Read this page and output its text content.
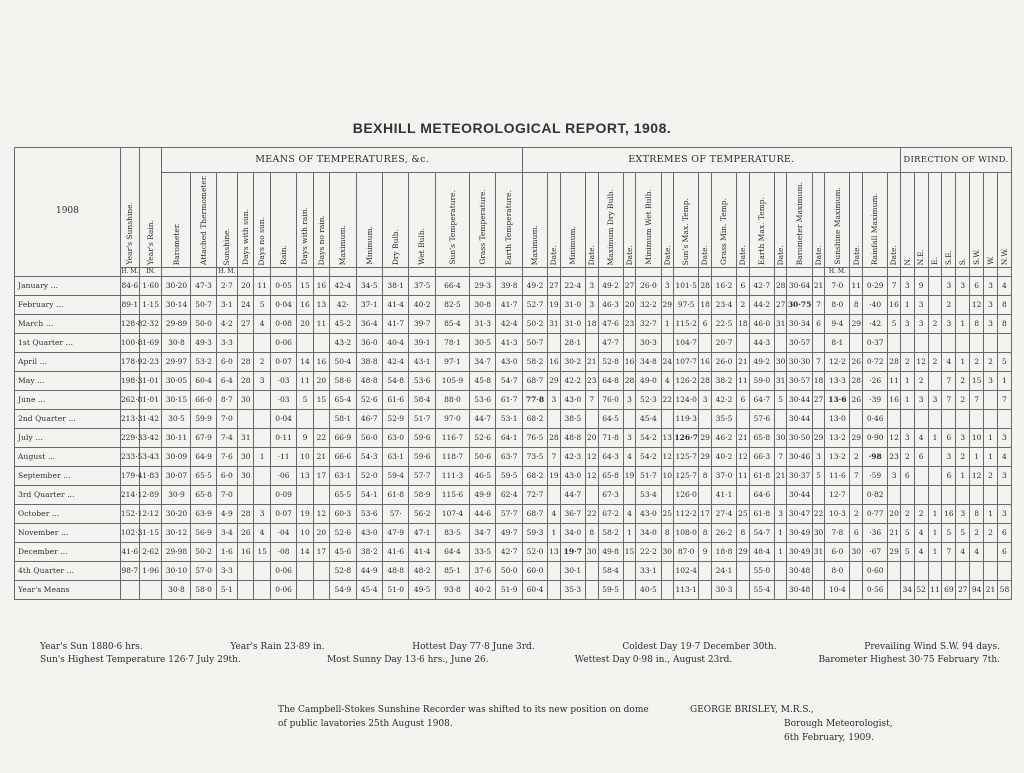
BEXHILL METEOROLOGICAL REPORT, 1908.
1908	Year's Sunshine.	Year's Rain.	MEANS OF TEMPERATURES, &c.															EXTREMES OF TEMPERATURE.																				DIRECTION OF WIND.							
			Barometer.	Attached Thermometer.	Sunshine.	Days with sun.	Days no sun.	Rain.	Days with rain.	Days no rain.	Maximum.	Minimum.	Dry Bulb.	Wet Bulb.	Sun's Temperature.	Grass Temperature.	Earth Temperature.	Maximum.	Date.	Minimum.	Date.	Maximum Dry Bulb.	Date.	Minimum Wet Bulb.	Date.	Sun's Max. Temp.	Date.	Grass Min. Temp.	Date.	Earth Max. Temp.	Date.	Barometer Maximum.	Date.	Sunshine Maximum.	Date.	Rainfall Maximum.	Date.	N.	N.E.	E.	S.E.	S.	S.W.	W.	N.W.
	H. M.	IN.			H. M.																													H. M.											
January ...	84·6	1·60	30·20	47·3	2·7	20	11	0·05	15	16	42·4	34·5	38·1	37·5	66·4	29·3	39·8	49·2	27	22·4	3	49·2	27	26·0	3	101·5	28	16·2	6	42·7	28	30·64	21	7·0	11	0·29	7	3	9		3	3	6	3	4
February ...	89·1	1·15	30·14	50·7	3·1	24	5	0·04	16	13	42·	37·1	41·4	40·2	82·5	30·8	41·7	52·7	19	31·0	3	46·3	20	32·2	29	97·5	18	23·4	2	44·2	27	30·75	7	8·0	8	·40	16	1	3		2		12	3	8
March ...	128·8	2·32	29·89	50·0	4·2	27	4	0·08	20	11	45·2	36·4	41·7	39·7	85·4	31·3	42·4	50·2	31	31·0	18	47·6	23	32·7	1	115·2	6	22·5	18	46·0	31	30·34	6	9·4	29	·42	5	3	3	2	3	1	8	3	8
1st Quarter ...	100·8	1·69	30·8	49·3	3·3			0·06			43·2	36·0	40·4	39·1	78·1	30·5	41·3	50·7		28·1		47·7		30·3		104·7		20·7		44·3		30·57		8·1		0·37									
April ...	178·9	2·23	29·97	53·2	6·0	28	2	0·07	14	16	50·4	38·8	42·4	43·1	97·1	34·7	43·0	58·2	16	30·2	21	52·8	16	34·8	24	107·7	16	26·0	21	49·2	30	30·30	7	12·2	26	0·72	28	2	12	2	4	1	2	2	5
May ...	198·3	1·01	30·05	60·4	6·4	28	3	·03	11	20	58·6	48·8	54·8	53·6	105·9	45·8	54·7	68·7	29	42·2	23	64·8	28	49·0	4	126·2	28	38·2	11	59·0	31	30·57	18	13·3	28	·26	11	1	2		7	2	15	3	1
June ...	262·8	1·01	30·15	66·0	8·7	30		·03	5	15	65·4	52·6	61·6	58·4	88·0	53·6	61·7	77·8	3	43·0	7	76·0	3	52·3	22	124·0	3	42·2	6	64·7	5	30·44	27	13·6	26	·39	16	1	3	3	7	2	7		7
2nd Quarter ...	213·3	1·42	30·5	59·9	7·0			0·04			58·1	46·7	52·9	51·7	97·0	44·7	53·1	68·2		38·5		64·5		45·4		119·3		35·5		57·6		30·44		13·0		0·46									
July ...	229·3	3·42	30·11	67·9	7·4	31		0·11	9	22	66·9	56·0	63·0	59·6	116·7	52·6	64·1	76·5	28	48·8	20	71·8	3	54·2	13	126·7	29	46·2	21	65·8	30	30·50	29	13·2	29	0·90	12	3	4	1	6	3	10	1	3
August ...	233·5	3·43	30·09	64·9	7·6	30	1	·11	10	21	66·6	54·3	63·1	59·6	118·7	50·6	63·7	73·5	7	42·3	12	64·3	4	54·2	12	125·7	29	40·2	12	66·3	7	30·46	3	13·2	2	·98	23	2	6		3	2	1	1	4
September ...	179·4	1·83	30·07	65·5	6·0	30		·06	13	17	63·1	52·0	59·4	57·7	111·3	46·5	59·5	68·2	19	43·0	12	65·8	19	51·7	10	125·7	8	37·0	11	61·8	21	30·37	5	11·6	7	·59	3	6			6	1	12	2	3
3rd Quarter ...	214·1	2·89	30·9	65·8	7·0			0·09			65·5	54·1	61·8	58·9	115·6	49·9	62·4	72·7		44·7		67·3		53·4		126·0		41·1		64·6		30·44		12·7		0·82									
October ...	152·1	2·12	30·20	63·9	4·9	28	3	0·07	19	12	60·3	53·6	57·	56·2	107·4	44·6	57·7	68·7	4	36·7	22	67·2	4	43·0	25	112·2	17	27·4	25	61·8	3	30·47	22	10·3	2	0·77	20	2	2	1	16	3	8	1	3
November ...	102·3	1·15	30·12	56·9	3·4	26	4	·04	10	20	52·6	43·0	47·9	47·1	83·5	34·7	49·7	59·3	1	34·0	8	58·2	1	34·0	8	108·0	8	26·2	8	54·7	1	30·49	30	7·8	6	·36	21	5	4	1	5	5	2	2	6
December ...	41·6	2·62	29·98	50·2	1·6	16	15	·08	14	17	45·6	38·2	41·6	41·4	64·4	33·5	42·7	52·0	13	19·7	30	49·8	15	22·2	30	87·0	9	18·8	29	48·4	1	30·49	31	6·0	30	·67	29	5	4	1	7	4	4		6
4th Quarter ...	98·7	1·96	30·10	57·0	3·3			0·06			52·8	44·9	48·8	48·2	85·1	37·6	50·0	60·0		30·1		58·4		33·1		102·4		24·1		55·0		30·48		8·0		0·60									
Year's Means			30·8	58·0	5·1			0·06			54·9	45·4	51·0	49·5	93·8	40·2	51·9	60·4		35·3		59·5		40·5		113·1		30·3		55·4		30·48		10·4		0·56		34	52	11	69	27	94	21	58
Year's Sun 1880·6 hrs.	Year's Rain 23·89 in.	Hottest Day 77·8 June 3rd.	Coldest Day 19·7 December 30th.	Prevailing Wind S.W. 94 days.
Sun's Highest Temperature 126·7 July 29th.	Most Sunny Day 13·6 hrs., June 26.	Wettest Day 0·98 in., August 23rd.	Barometer Highest 30·75 February 7th.
The Campbell-Stokes Sunshine Recorder was shifted to its new position on dome
of public lavatories 25th August 1908.
GEORGE BRISLEY, M.R.S.,
Borough Meteorologist,
6th February, 1909.
